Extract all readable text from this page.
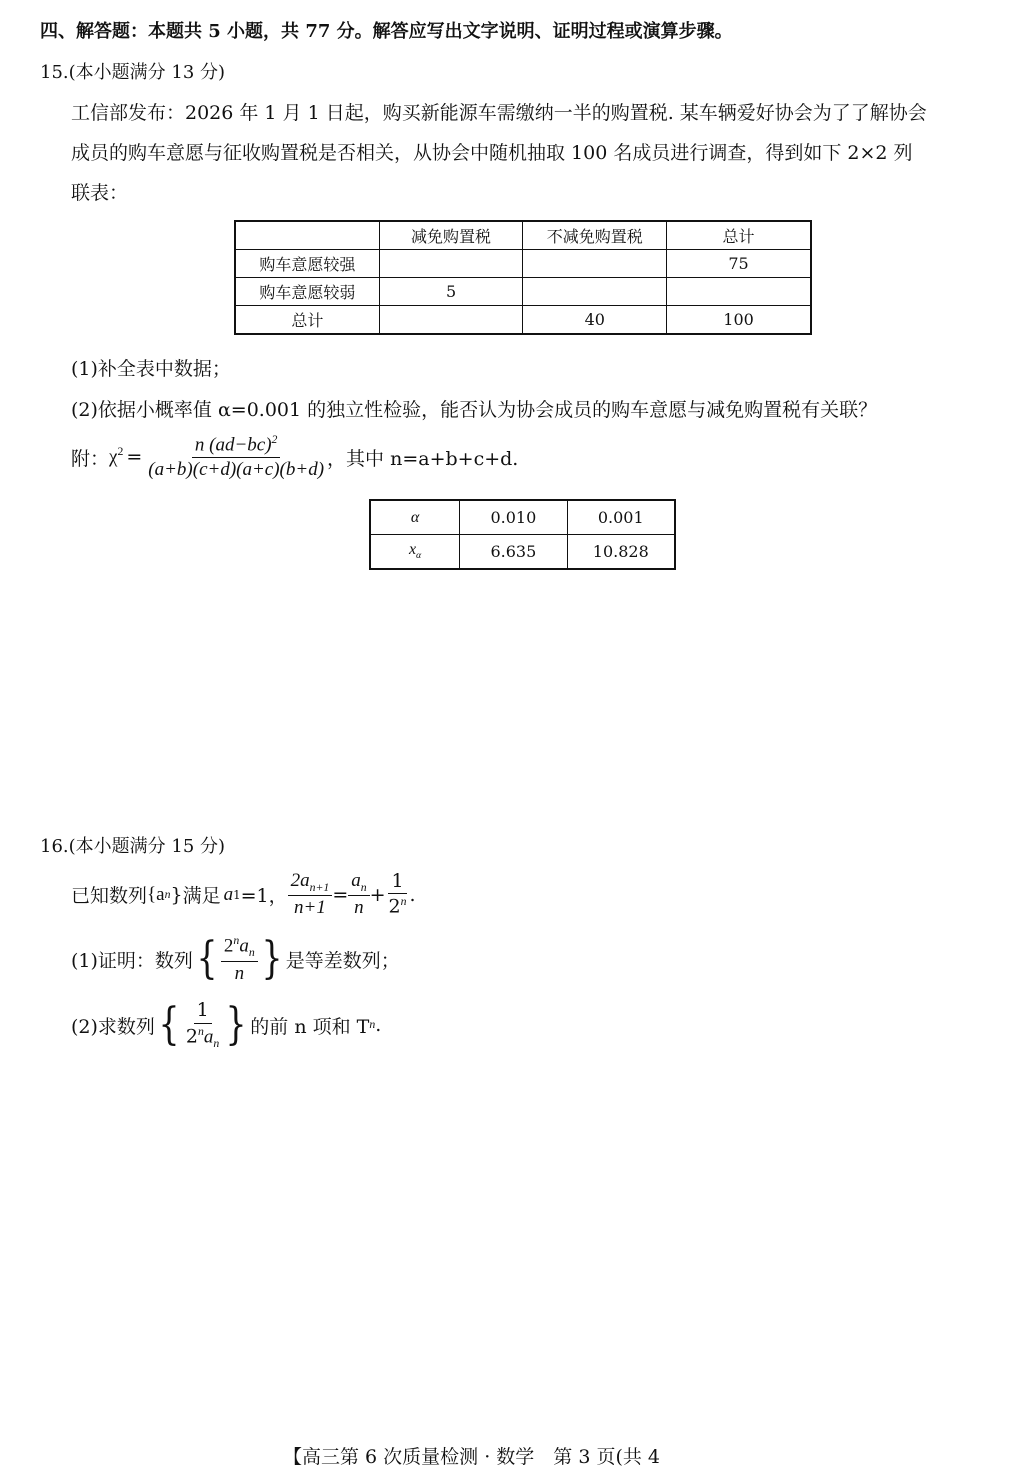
四、解答题：本题共 5 小题，共 77 分。解答应写出文字说明、证明过程或演算步骤。
15.(本小题满分 13 分)
工信部发布：2026 年 1 月 1 日起，购买新能源车需缴纳一半的购置税. 某车辆爱好协会为了了解协会
成员的购车意愿与征收购置税是否相关，从协会中随机抽取 100 名成员进行调查，得到如下 2×2 列
联表：
	减免购置税	不减免购置税	总计
购车意愿较强			75
购车意愿较弱	5		
总计		40	100
(1)补全表中数据；
(2)依据小概率值 α=0.001 的独立性检验，能否认为协会成员的购车意愿与减免购置税有关联？
附： $\chi^2 = \frac{n (ad-bc)^2}{(a+b)(c+d)(a+c)(b+d)}$ ，其中 n=a+b+c+d.
α	0.010	0.001
$x_\alpha$	6.635	10.828
16.(本小题满分 15 分)
已知数列 {a n } 满足 a 1 =1， $\frac{2a_{n+1}}{n+1} = \frac{a_n}{n} + \frac{1}{2^n}$ .
(1)证明：数列 { $\frac{2^na_n}{n}$ } 是等差数列；
(2)求数列 { $\frac{1}{2^na_n}$ } 的前 n 项和 T n .
【高三第 6 次质量检测 · 数学　第 3 页(共 4
